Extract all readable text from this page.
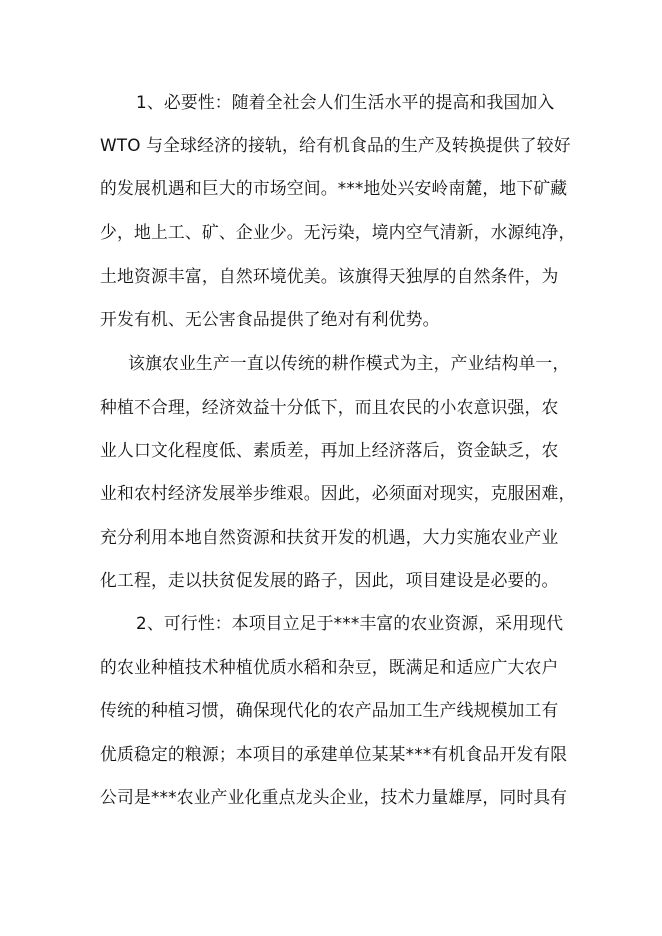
1、必要性：随着全社会人们生活水平的提高和我国加入
WTO 与全球经济的接轨，给有机食品的生产及转换提供了较好
的发展机遇和巨大的市场空间。***地处兴安岭南麓，地下矿藏
少，地上工、矿、企业少。无污染，境内空气清新，水源纯净，
土地资源丰富，自然环境优美。该旗得天独厚的自然条件，为
开发有机、无公害食品提供了绝对有利优势。
该旗农业生产一直以传统的耕作模式为主，产业结构单一，
种植不合理，经济效益十分低下，而且农民的小农意识强，农
业人口文化程度低、素质差，再加上经济落后，资金缺乏，农
业和农村经济发展举步维艰。因此，必须面对现实，克服困难，
充分利用本地自然资源和扶贫开发的机遇，大力实施农业产业
化工程，走以扶贫促发展的路子，因此，项目建设是必要的。
2、可行性：本项目立足于***丰富的农业资源，采用现代
的农业种植技术种植优质水稻和杂豆，既满足和适应广大农户
传统的种植习惯，确保现代化的农产品加工生产线规模加工有
优质稳定的粮源；本项目的承建单位某某***有机食品开发有限
公司是***农业产业化重点龙头企业，技术力量雄厚，同时具有
